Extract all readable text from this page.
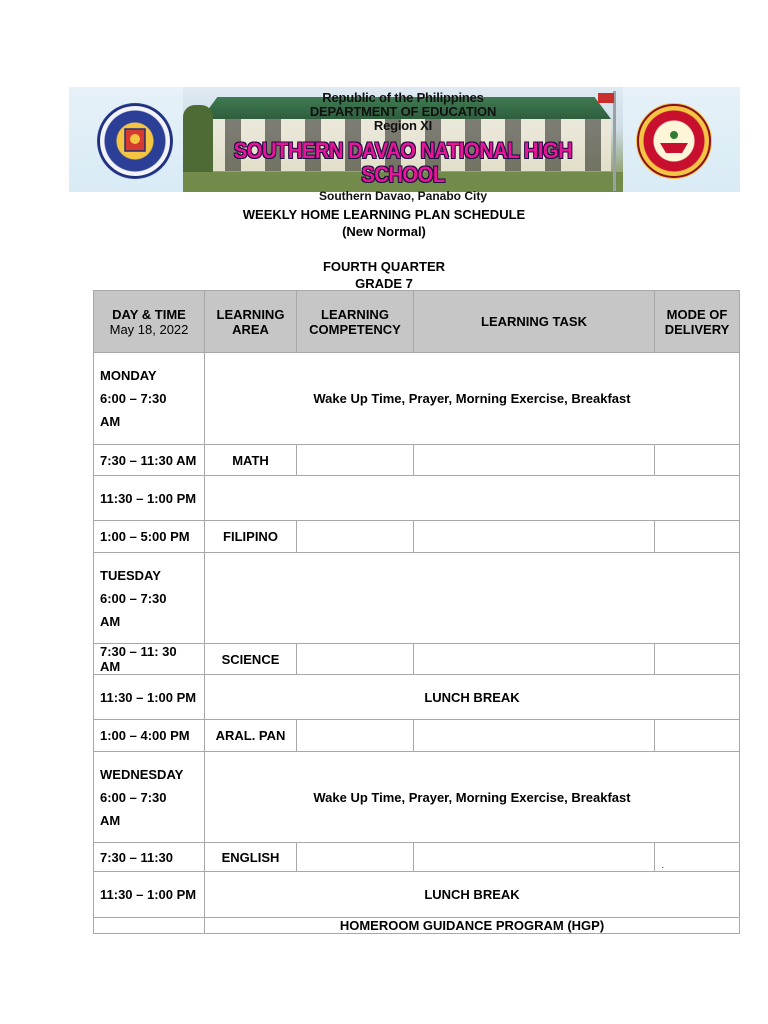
Republic of the Philippines
DEPARTMENT OF EDUCATION
Region XI
SOUTHERN DAVAO NATIONAL HIGH SCHOOL
Southern Davao, Panabo City
WEEKLY HOME LEARNING PLAN SCHEDULE
(New Normal)
FOURTH QUARTER
GRADE 7
DAY & TIME
May 18, 2022	LEARNING AREA	LEARNING COMPETENCY	LEARNING TASK	MODE OF DELIVERY

MONDAY
6:00 – 7:30
AM	Wake Up Time, Prayer, Morning Exercise, Breakfast			
7:30 – 11:30 AM	MATH			
11:30 – 1:00 PM				
1:00 – 5:00 PM	FILIPINO			

TUESDAY
6:00 – 7:30
AM				

7:30 – 11: 30 AM	SCIENCE			
11:30 – 1:00 PM	LUNCH BREAK			
1:00 – 4:00 PM	ARAL. PAN			

WEDNESDAY
6:00 – 7:30
AM	Wake Up Time, Prayer, Morning Exercise, Breakfast			
7:30 – 11:30	ENGLISH			.

11:30 – 1:00 PM	LUNCH BREAK			
	HOMEROOM GUIDANCE PROGRAM (HGP)			
